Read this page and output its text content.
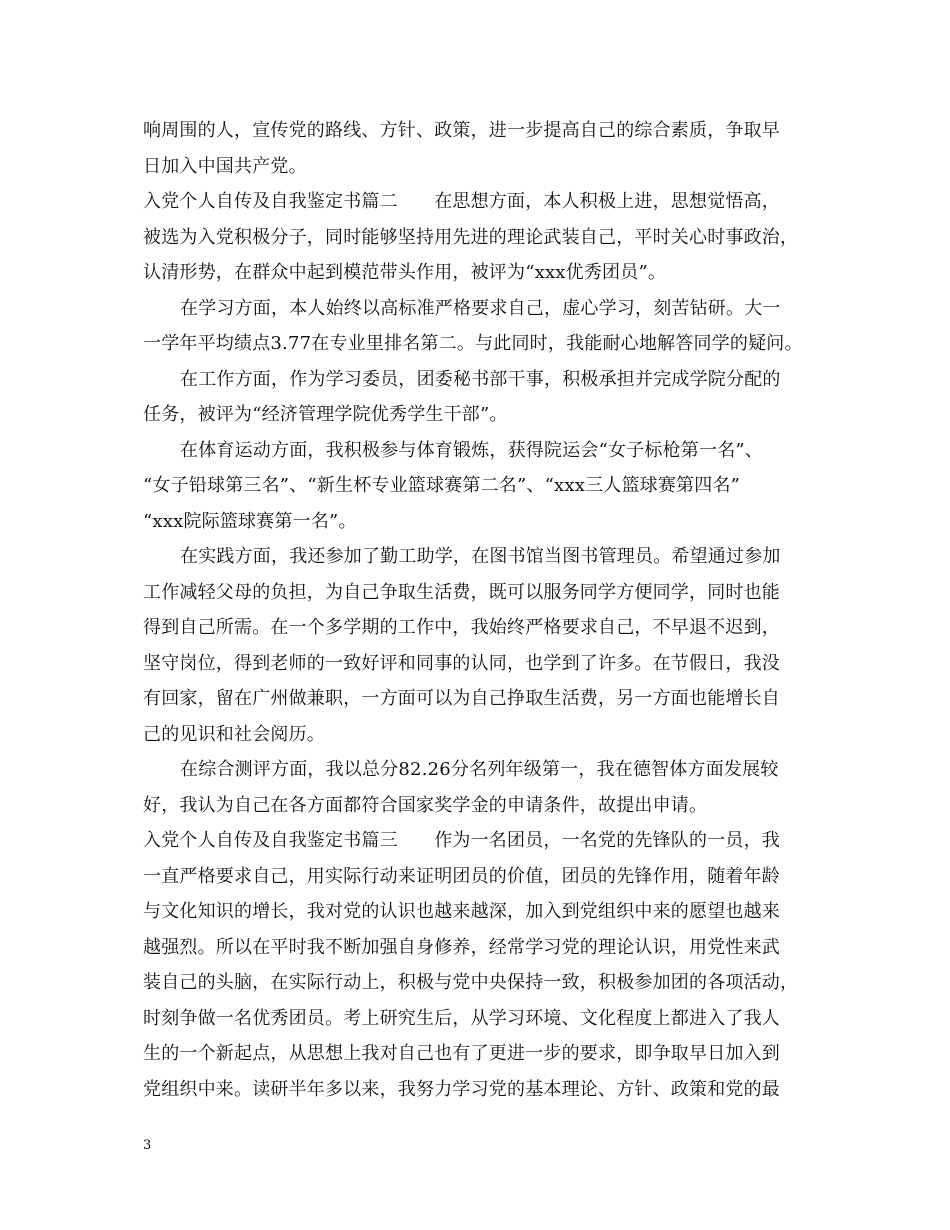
响周围的人，宣传党的路线、方针、政策，进一步提高自己的综合素质，争取早
日加入中国共产党。
入党个人自传及自我鉴定书篇二　　在思想方面，本人积极上进，思想觉悟高，
被选为入党积极分子，同时能够坚持用先进的理论武装自己，平时关心时事政治，
认清形势，在群众中起到模范带头作用，被评为“xxx优秀团员”。
在学习方面，本人始终以高标准严格要求自己，虚心学习，刻苦钻研。大一
一学年平均绩点3.77在专业里排名第二。与此同时，我能耐心地解答同学的疑问。
在工作方面，作为学习委员，团委秘书部干事，积极承担并完成学院分配的
任务，被评为“经济管理学院优秀学生干部”。
在体育运动方面，我积极参与体育锻炼，获得院运会“女子标枪第一名”、
“女子铅球第三名”、“新生杯专业篮球赛第二名”、“xxx三人篮球赛第四名”
“xxx院际篮球赛第一名”。
在实践方面，我还参加了勤工助学，在图书馆当图书管理员。希望通过参加
工作减轻父母的负担，为自己争取生活费，既可以服务同学方便同学，同时也能
得到自己所需。在一个多学期的工作中，我始终严格要求自己，不早退不迟到，
坚守岗位，得到老师的一致好评和同事的认同，也学到了许多。在节假日，我没
有回家，留在广州做兼职，一方面可以为自己挣取生活费，另一方面也能增长自
己的见识和社会阅历。
在综合测评方面，我以总分82.26分名列年级第一，我在德智体方面发展较
好，我认为自己在各方面都符合国家奖学金的申请条件，故提出申请。
入党个人自传及自我鉴定书篇三　　作为一名团员，一名党的先锋队的一员，我
一直严格要求自己，用实际行动来证明团员的价值，团员的先锋作用，随着年龄
与文化知识的增长，我对党的认识也越来越深，加入到党组织中来的愿望也越来
越强烈。所以在平时我不断加强自身修养，经常学习党的理论认识，用党性来武
装自己的头脑，在实际行动上，积极与党中央保持一致，积极参加团的各项活动，
时刻争做一名优秀团员。考上研究生后，从学习环境、文化程度上都进入了我人
生的一个新起点，从思想上我对自己也有了更进一步的要求，即争取早日加入到
党组织中来。读研半年多以来，我努力学习党的基本理论、方针、政策和党的最
3
